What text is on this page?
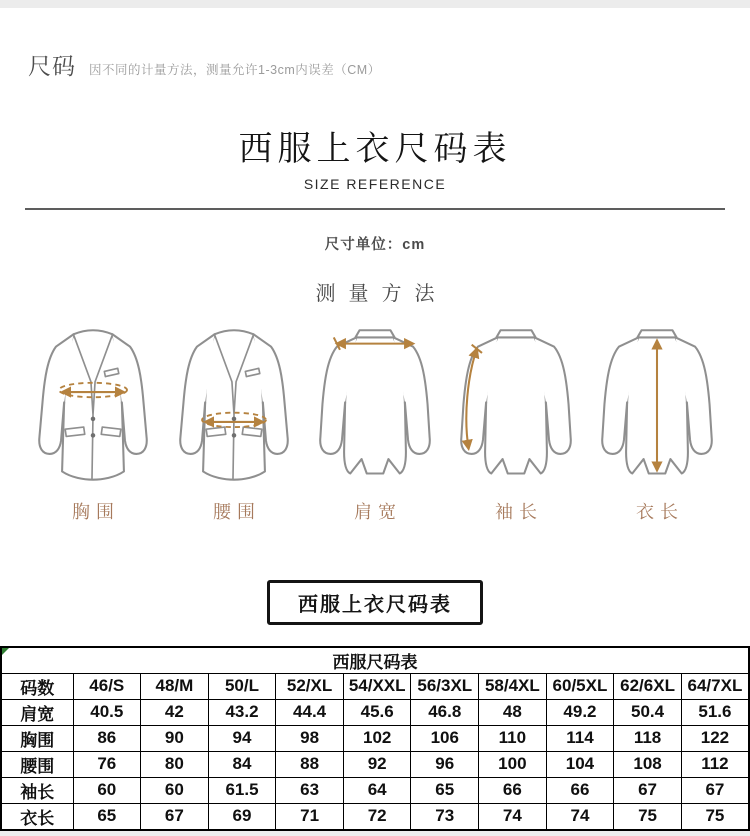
尺码 因不同的计量方法，测量允许1-3cm内误差（CM）
西服上衣尺码表
SIZE REFERENCE
尺寸单位：cm
测量方法
胸围	腰围	肩宽	袖长	衣长
西服上衣尺码表
西服尺码表										
码数	46/S	48/M	50/L	52/XL	54/XXL	56/3XL	58/4XL	60/5XL	62/6XL	64/7XL
肩宽	40.5	42	43.2	44.4	45.6	46.8	48	49.2	50.4	51.6
胸围	86	90	94	98	102	106	110	114	118	122
腰围	76	80	84	88	92	96	100	104	108	112
袖长	60	60	61.5	63	64	65	66	66	67	67
衣长	65	67	69	71	72	73	74	74	75	75
